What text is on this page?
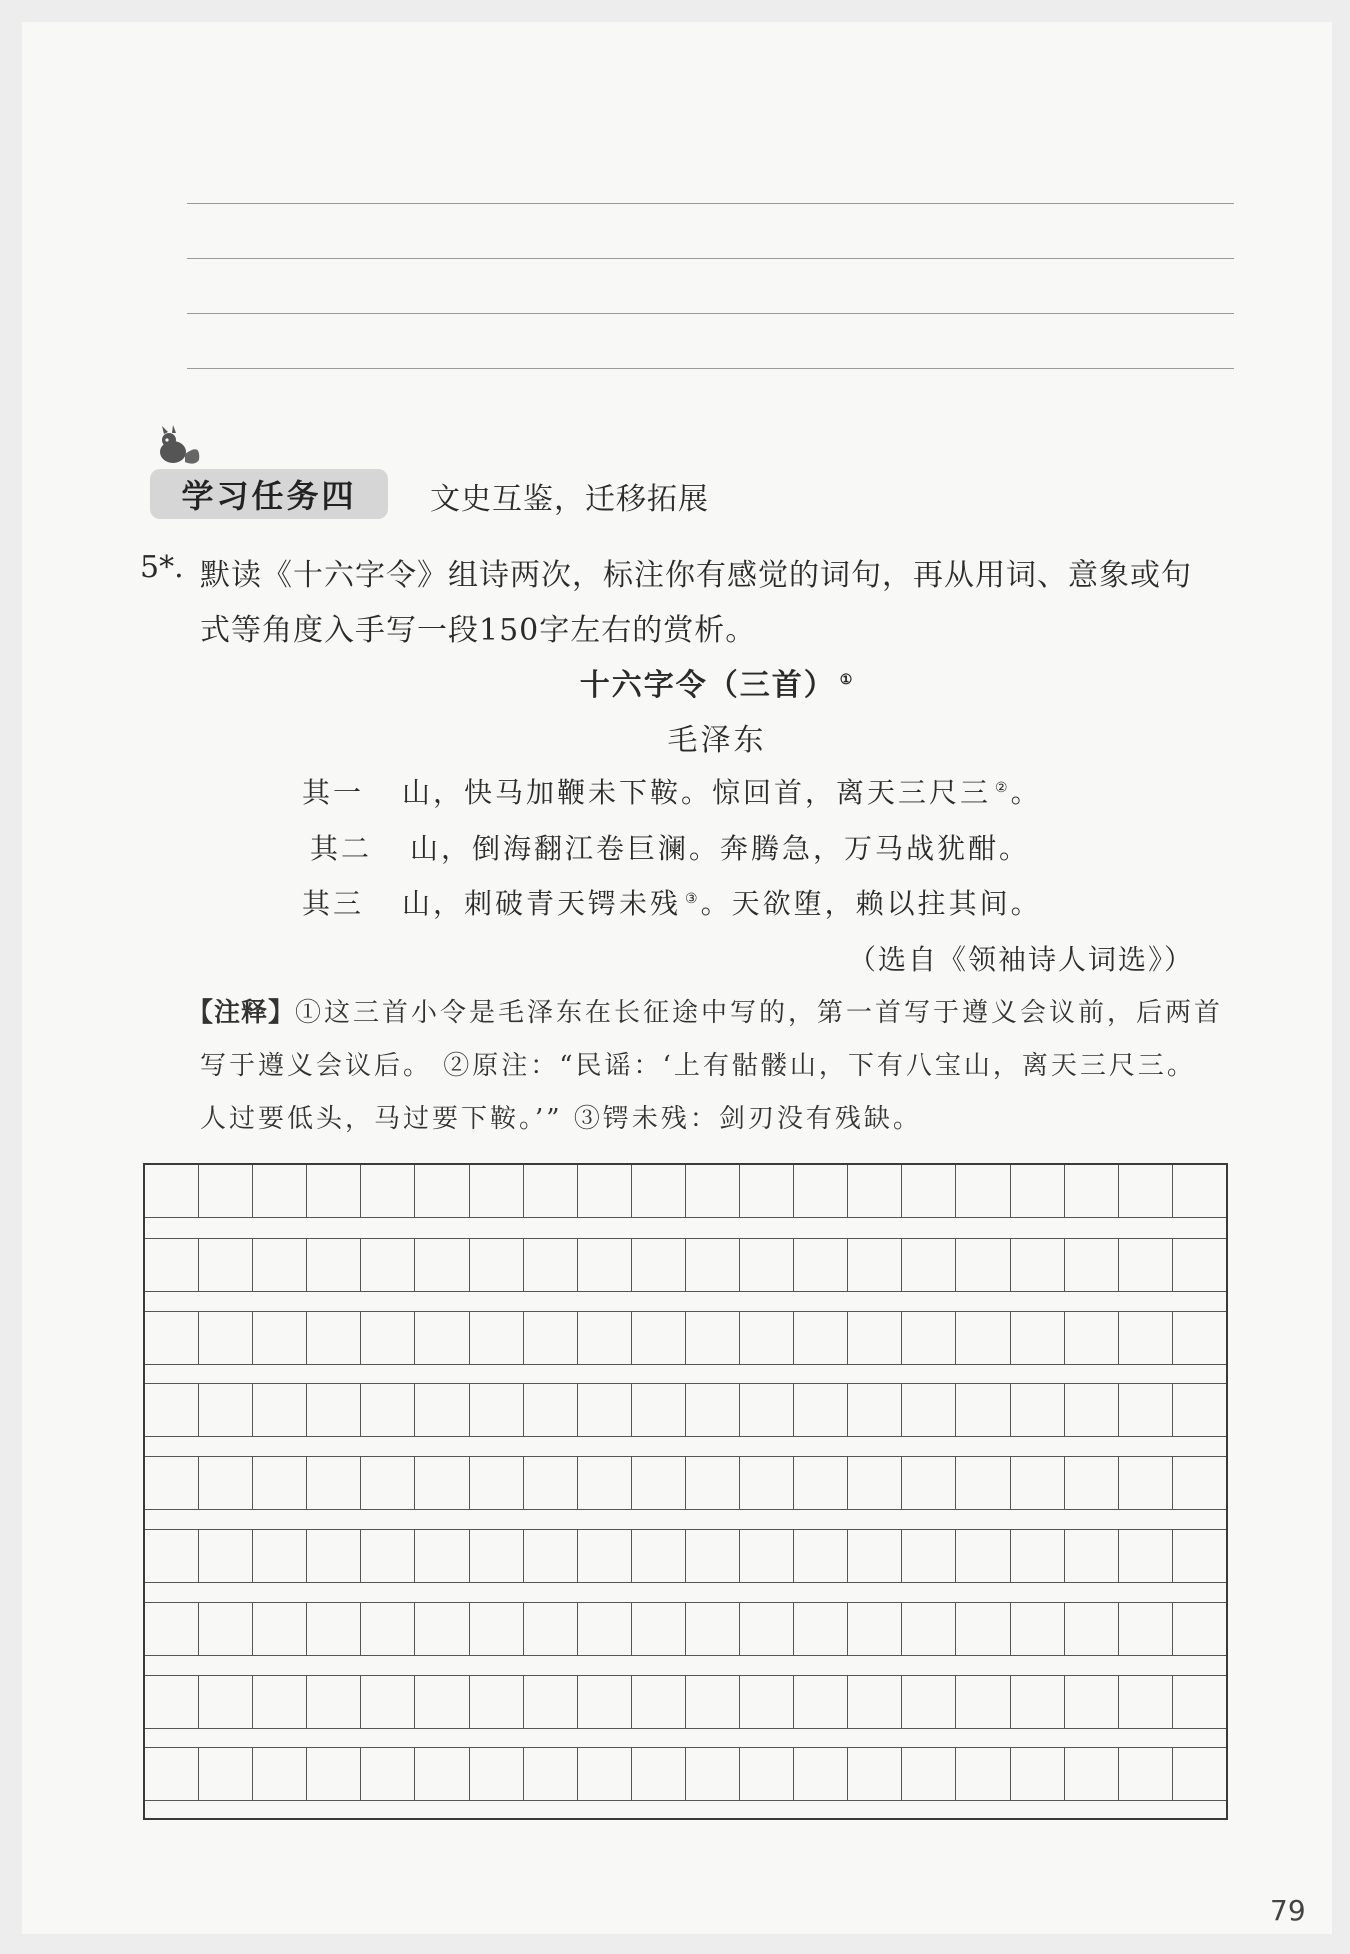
学习任务四	文史互鉴，迁移拓展
5*. 默读《十六字令》组诗两次，标注你有感觉的词句，再从用词、意象或句
式等角度入手写一段150字左右的赏析。
十六字令（三首） ①
毛泽东
其一 山，快马加鞭未下鞍。惊回首，离天三尺三 ②。
其二 山，倒海翻江卷巨澜。奔腾急，万马战犹酣。
其三 山，刺破青天锷未残 ③。天欲堕，赖以拄其间。
（选自《领袖诗人词选》）
【注释】①这三首小令是毛泽东在长征途中写的，第一首写于遵义会议前，后两首
写于遵义会议后。 ②原注：“民谣：‘上有骷髅山，下有八宝山，离天三尺三。
人过要低头，马过要下鞍。’” ③锷未残：剑刃没有残缺。
79
